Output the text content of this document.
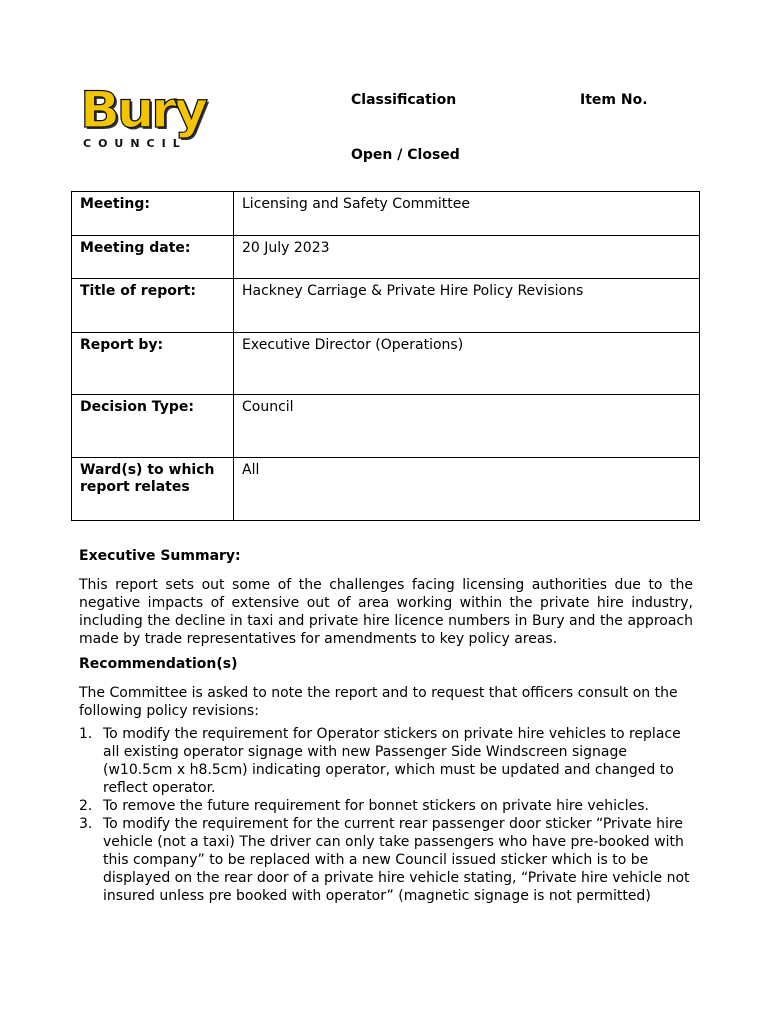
Bury
COUNCIL
Classification	Item No.
Open / Closed
Meeting:	Licensing and Safety Committee
Meeting date:	20 July 2023
Title of report:	Hackney Carriage & Private Hire Policy Revisions
Report by:	Executive Director (Operations)
Decision Type:	Council
Ward(s) to which report relates	All
Executive Summary:
This report sets out some of the challenges facing licensing authorities due to the negative impacts of extensive out of area working within the private hire industry, including the decline in taxi and private hire licence numbers in Bury and the approach made by trade representatives for amendments to key policy areas.
Recommendation(s)
The Committee is asked to note the report and to request that officers consult on the following policy revisions:
1. To modify the requirement for Operator stickers on private hire vehicles to replace all existing operator signage with new Passenger Side Windscreen signage (w10.5cm x h8.5cm) indicating operator, which must be updated and changed to reflect operator.
2. To remove the future requirement for bonnet stickers on private hire vehicles.
3. To modify the requirement for the current rear passenger door sticker “Private hire vehicle (not a taxi) The driver can only take passengers who have pre-booked with this company” to be replaced with a new Council issued sticker which is to be displayed on the rear door of a private hire vehicle stating, “Private hire vehicle not insured unless pre booked with operator” (magnetic signage is not permitted)
